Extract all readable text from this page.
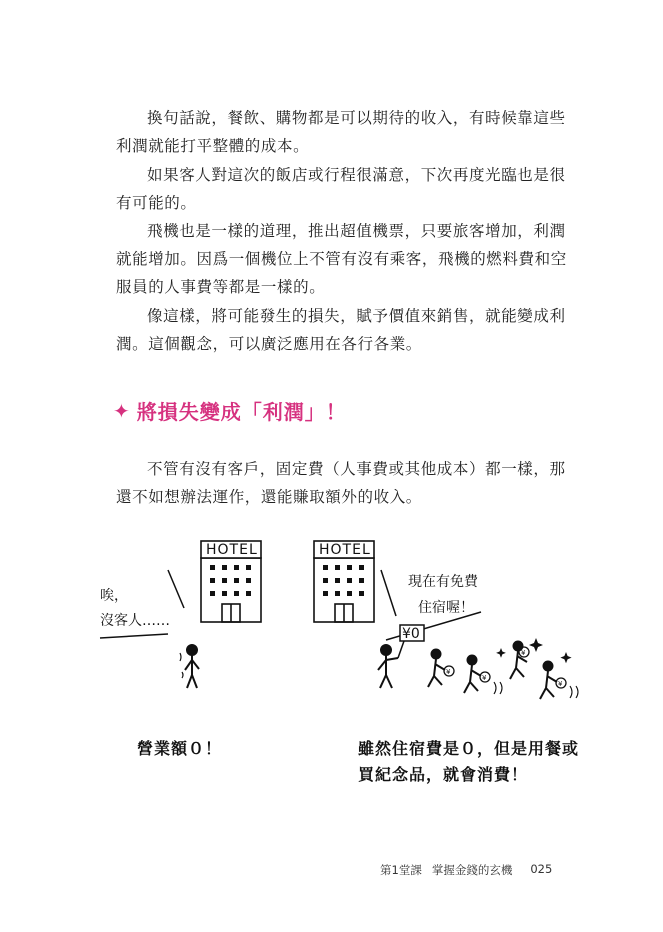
換句話說，餐飲、購物都是可以期待的收入，有時候靠這些利潤就能打平整體的成本。

如果客人對這次的飯店或行程很滿意，下次再度光臨也是很有可能的。

飛機也是一樣的道理，推出超值機票，只要旅客增加，利潤就能增加。因爲一個機位上不管有沒有乘客，飛機的燃料費和空服員的人事費等都是一樣的。

像這樣，將可能發生的損失，賦予價值來銷售，就能變成利潤。這個觀念，可以廣泛應用在各行各業。

✦ 將損失變成「利潤」！

不管有沒有客戶，固定費（人事費或其他成本）都一樣，那還不如想辦法運作，還能賺取額外的收入。

HOTEL	HOTEL
唉，
沒客人……
現在有免費
住宿喔！
¥0
¥
¥
¥
¥

營業額０！	雖然住宿費是０，但是用餐或買紀念品，就會消費！

第1堂課 掌握金錢的玄機 025
